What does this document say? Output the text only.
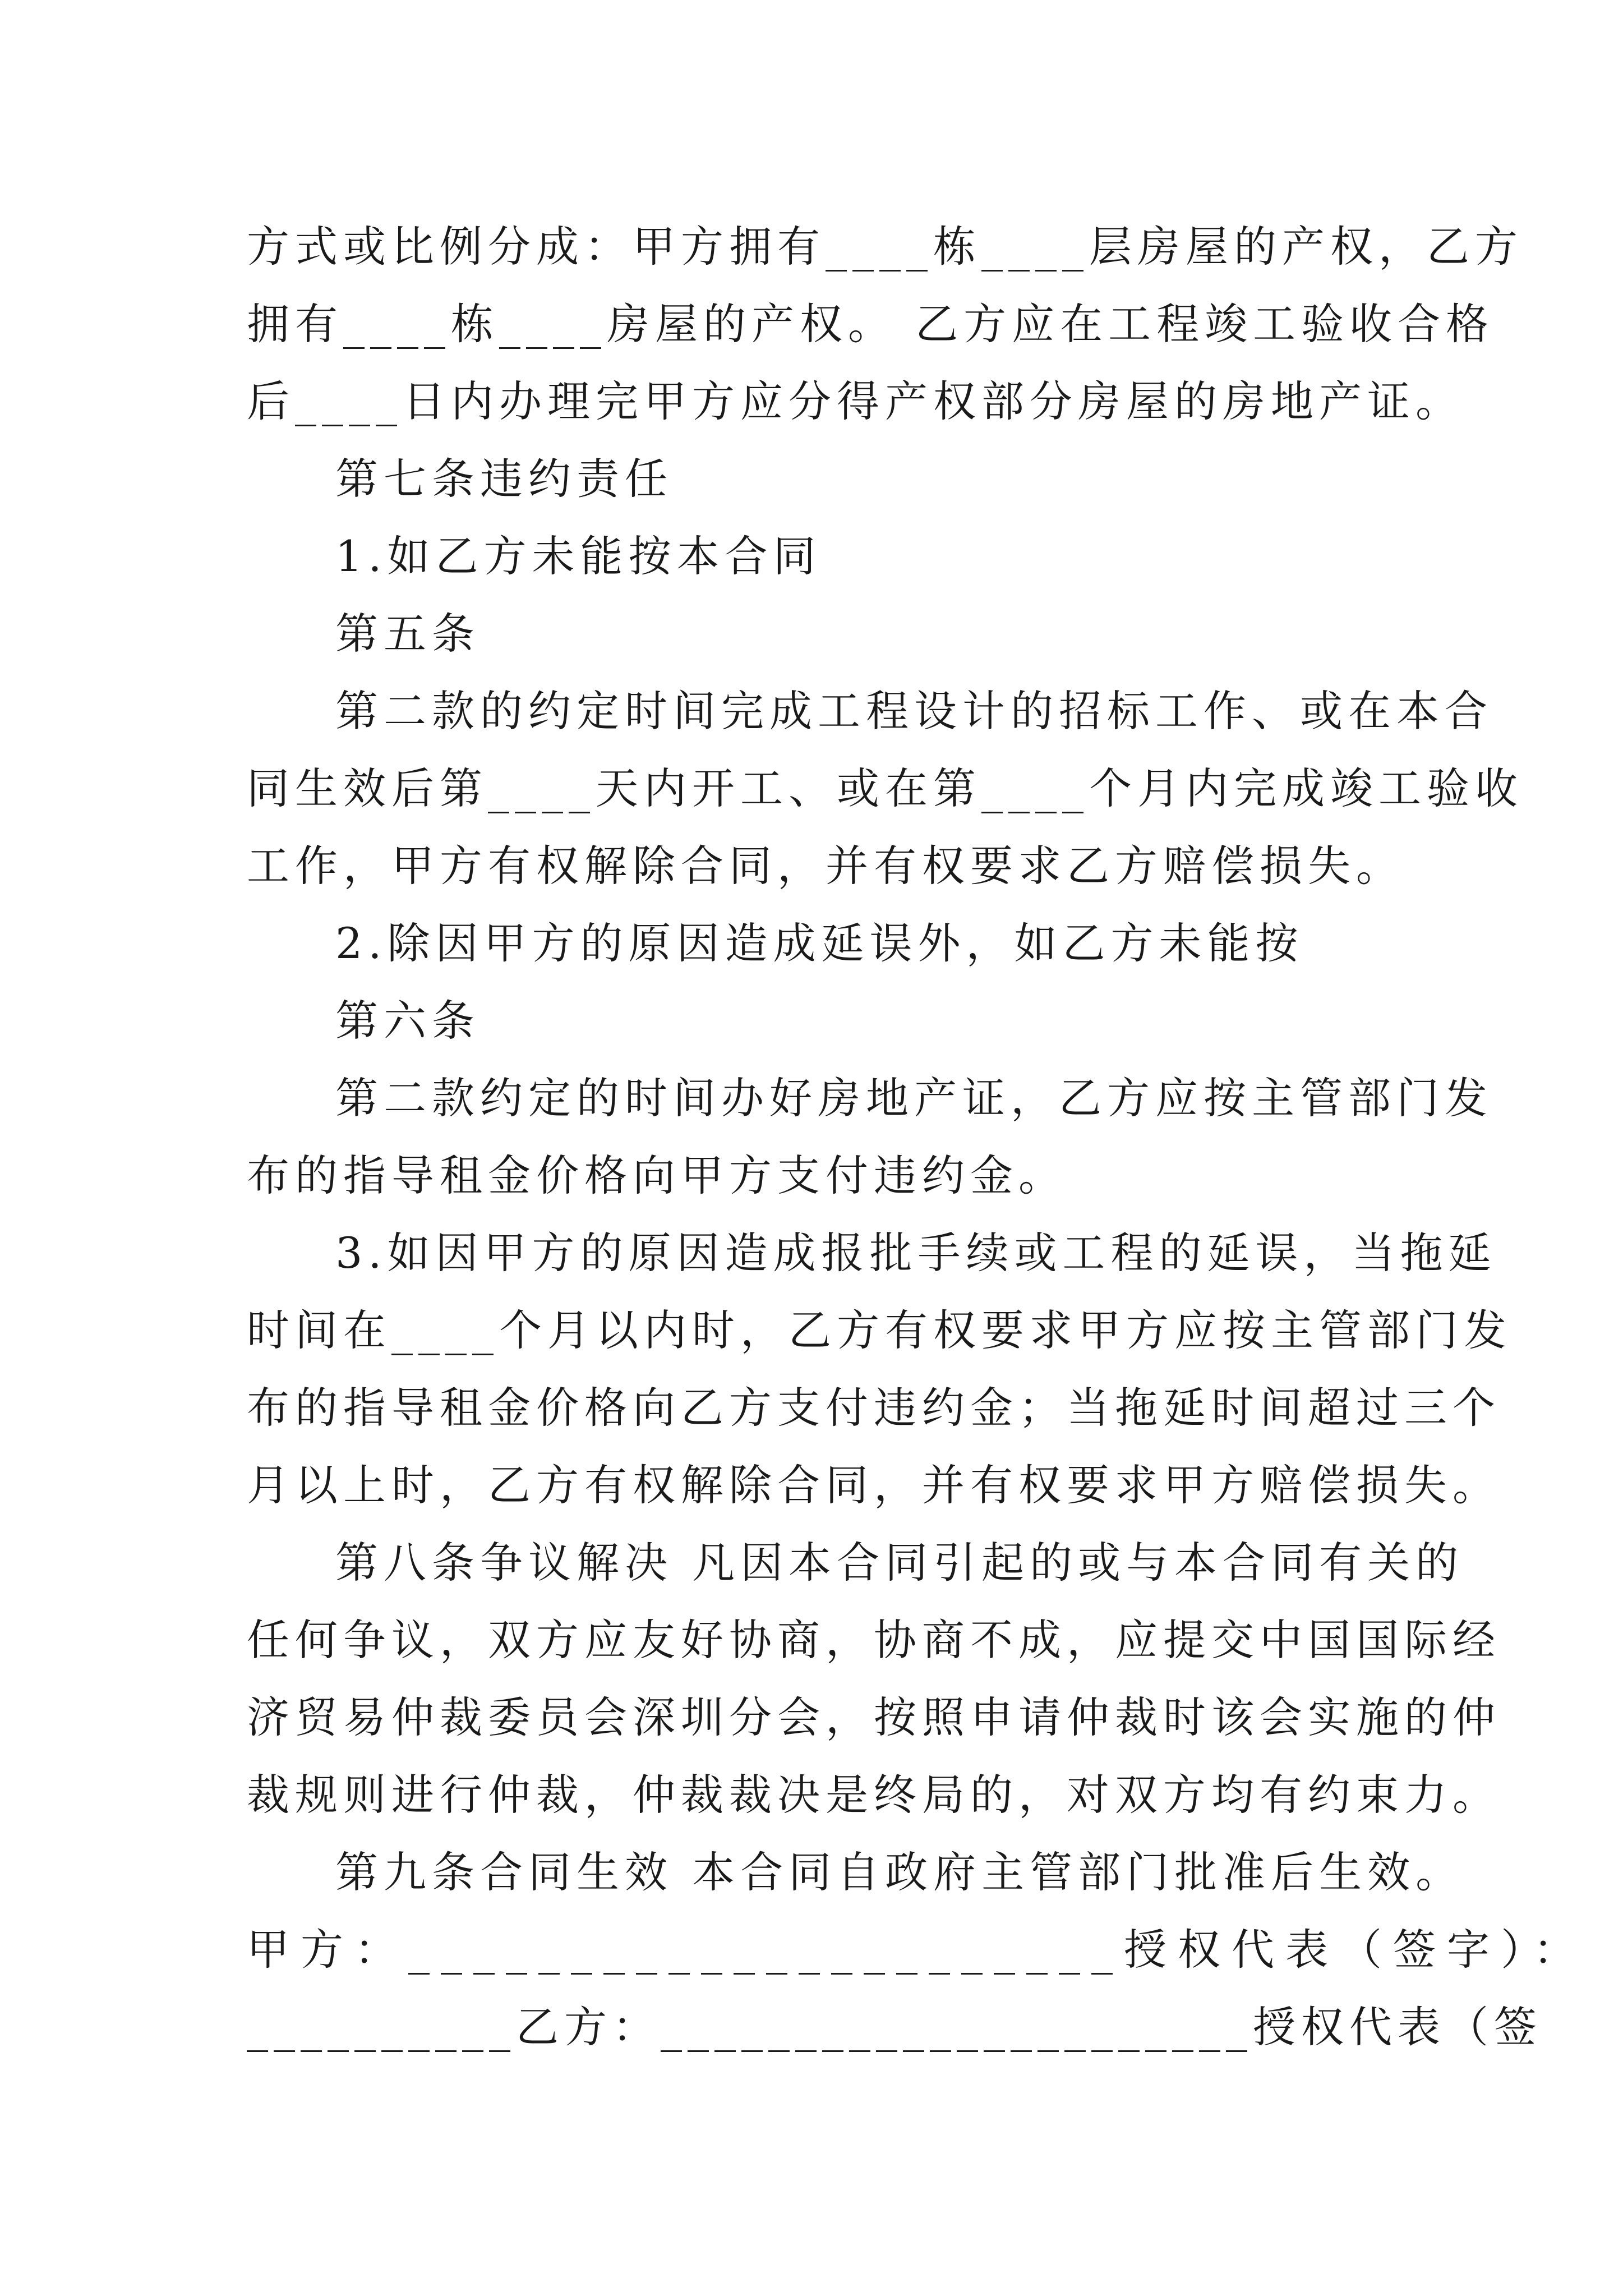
方式或比例分成：甲方拥有____栋____层房屋的产权，乙方
拥有____栋____房屋的产权。 乙方应在工程竣工验收合格
后____日内办理完甲方应分得产权部分房屋的房地产证。
第七条违约责任
1.如乙方未能按本合同
第五条
第二款的约定时间完成工程设计的招标工作、或在本合
同生效后第____天内开工、或在第____个月内完成竣工验收
工作，甲方有权解除合同，并有权要求乙方赔偿损失。
2.除因甲方的原因造成延误外，如乙方未能按
第六条
第二款约定的时间办好房地产证，乙方应按主管部门发
布的指导租金价格向甲方支付违约金。
3.如因甲方的原因造成报批手续或工程的延误，当拖延
时间在____个月以内时，乙方有权要求甲方应按主管部门发
布的指导租金价格向乙方支付违约金；当拖延时间超过三个
月以上时，乙方有权解除合同，并有权要求甲方赔偿损失。
第八条争议解决 凡因本合同引起的或与本合同有关的
任何争议，双方应友好协商，协商不成，应提交中国国际经
济贸易仲裁委员会深圳分会，按照申请仲裁时该会实施的仲
裁规则进行仲裁，仲裁裁决是终局的，对双方均有约束力。
第九条合同生效 本合同自政府主管部门批准后生效。
甲方：______________________授权代表（签字）：
__________乙方：______________________授权代表（签
